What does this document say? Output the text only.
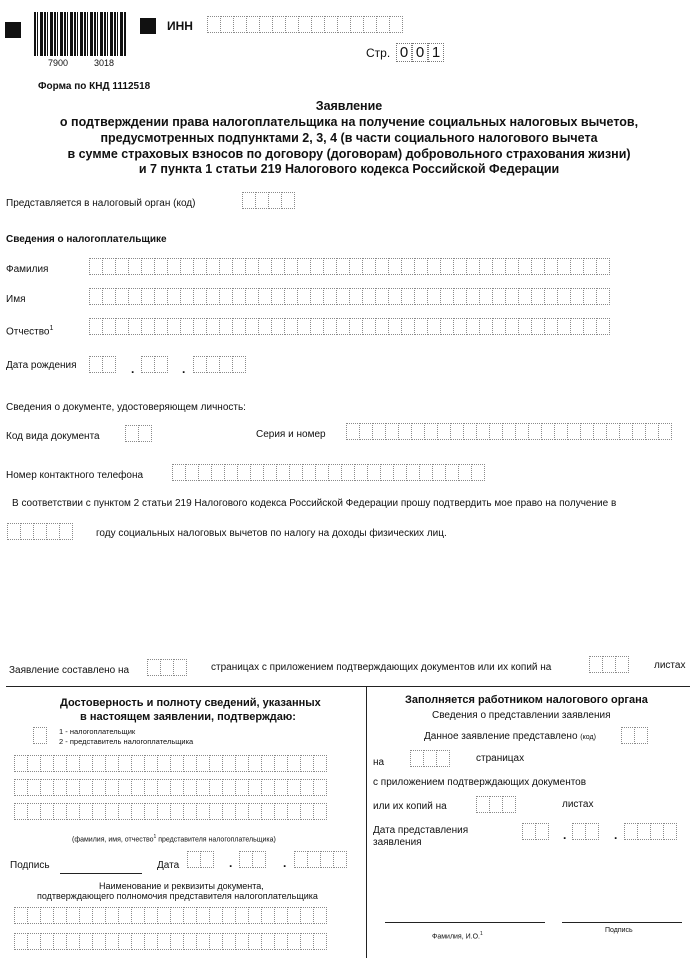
7900	3018
ИНН
Стр. 0 0 1
Форма по КНД 1112518
Заявление
о подтверждении права налогоплательщика на получение социальных налоговых вычетов,
предусмотренных подпунктами 2, 3, 4 (в части социального налогового вычета
в сумме страховых взносов по договору (договорам) добровольного страхования жизни)
и 7 пункта 1 статьи 219 Налогового кодекса Российской Федерации
Представляется в налоговый орган (код)
Сведения о налогоплательщике
Фамилия
Имя
Отчество$^1$
Дата рождения	.	.
Сведения о документе, удостоверяющем личность:
Код вида документа	Серия и номер
Номер контактного телефона
В соответствии с пунктом 2 статьи 219 Налогового кодекса Российской Федерации прошу подтвердить мое право на получение в
году социальных налоговых вычетов по налогу на доходы физических лиц.
Заявление составлено на	страницах с приложением подтверждающих документов или их копий на	листах
Достоверность и полноту сведений, указанных
в настоящем заявлении, подтверждаю:
1 - налогоплательщик
2 - представитель налогоплательщика
(фамилия, имя, отчество$^1$ представителя налогоплательщика)
Подпись	Дата	.	.
Наименование и реквизиты документа,
подтверждающего полномочия представителя налогоплательщика
Заполняется работником налогового органа
Сведения о представлении заявления
Данное заявление представлено (код)
на	страницах
с приложением подтверждающих документов
или их копий на	листах
Дата представления
заявления
.	.
Фамилия, И.О.$^1$	Подпись
